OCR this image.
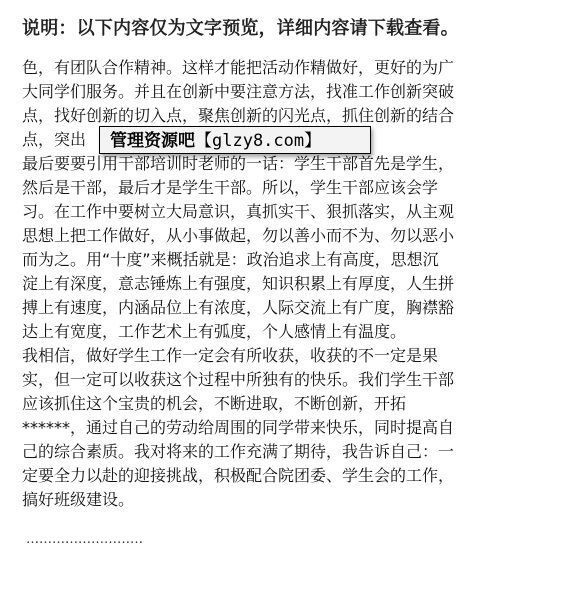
说明：以下内容仅为文字预览，详细内容请下载查看。

色，有团队合作精神。这样才能把活动作精做好，更好的为广
大同学们服务。并且在创新中要注意方法，找准工作创新突破
点，找好创新的切入点，聚焦创新的闪光点，抓住创新的结合
点，突出

最后要要引用干部培训时老师的一话：学生干部首先是学生，
然后是干部，最后才是学生干部。所以，学生干部应该会学
习。在工作中要树立大局意识，真抓实干、狠抓落实，从主观
思想上把工作做好，从小事做起，勿以善小而不为、勿以恶小
而为之。用“十度”来概括就是：政治追求上有高度，思想沉
淀上有深度，意志锤炼上有强度，知识积累上有厚度，人生拼
搏上有速度，内涵品位上有浓度，人际交流上有广度，胸襟豁
达上有宽度，工作艺术上有弧度，个人感情上有温度。

我相信，做好学生工作一定会有所收获，收获的不一定是果
实，但一定可以收获这个过程中所独有的快乐。我们学生干部
应该抓住这个宝贵的机会，不断进取，不断创新，开拓
******，通过自己的劳动给周围的同学带来快乐，同时提高自
己的综合素质。我对将来的工作充满了期待，我告诉自己：一
定要全力以赴的迎接挑战，积极配合院团委、学生会的工作，
搞好班级建设。

管理资源吧【glzy8.com】
………………………
